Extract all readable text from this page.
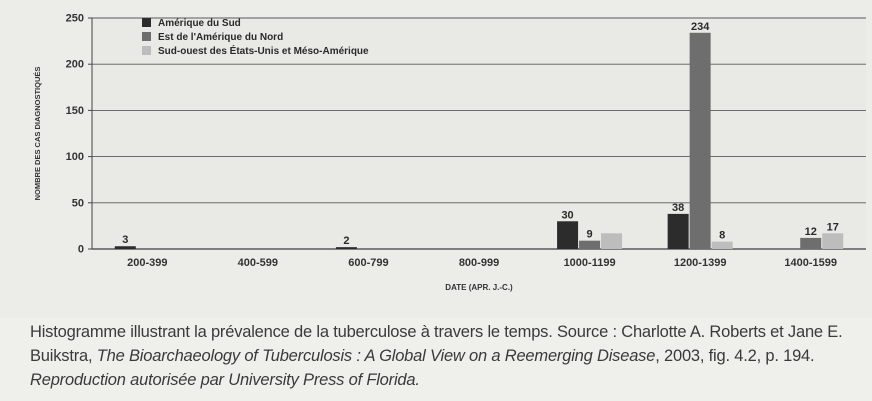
0
50
100
150
200
250
NOMBRE DES CAS DIAGNOSTIQUÉS
3
200-399	400-599
2
600-799	800-999
30
9
1000-1199
38
234
8
1200-1399
12 17
1400-1599
DATE (APR. J.-C.)
Amérique du Sud
Est de l'Amérique du Nord
Sud-ouest des États-Unis et Méso-Amérique
Histogramme illustrant la prévalence de la tuberculose à travers le temps. Source : Charlotte A. Roberts et Jane E. Buikstra, The Bioarchaeology of Tuberculosis : A Global View on a Reemerging Disease, 2003, fig. 4.2, p. 194. Reproduction autorisée par University Press of Florida.
